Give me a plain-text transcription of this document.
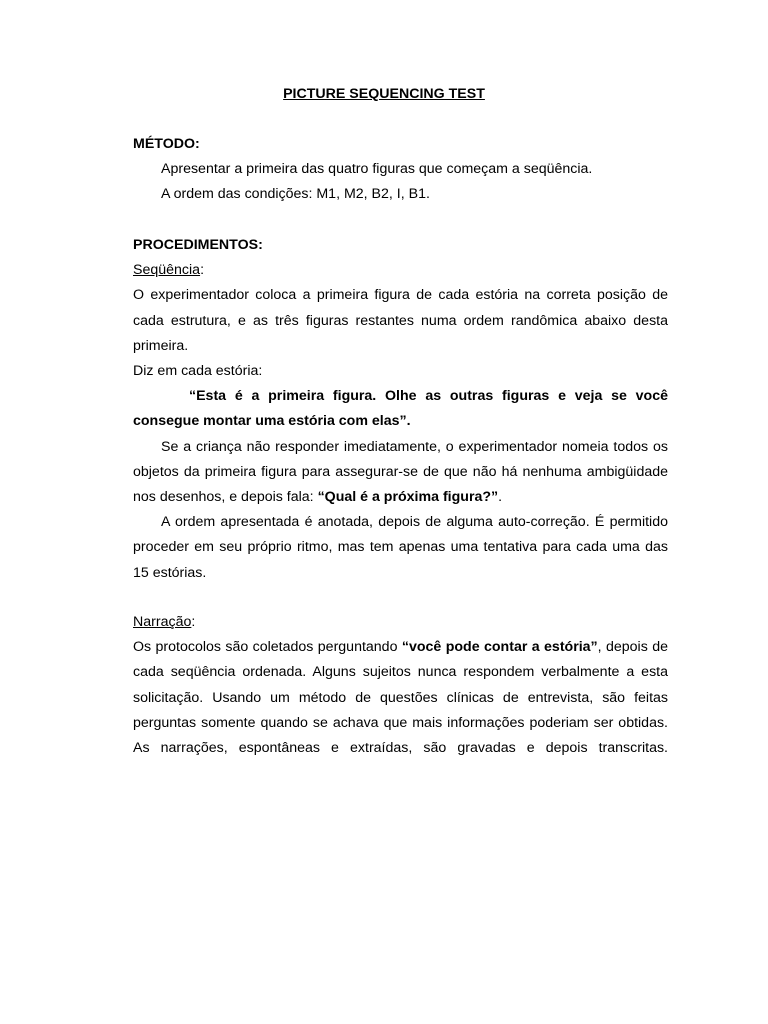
PICTURE SEQUENCING TEST

MÉTODO:

Apresentar a primeira das quatro figuras que começam a seqüência.

A ordem das condições: M1, M2, B2, I, B1.

PROCEDIMENTOS:

Seqüência:

O experimentador coloca a primeira figura de cada estória na correta posição de cada estrutura, e as três figuras restantes numa ordem randômica abaixo desta primeira.

Diz em cada estória:

“Esta é a primeira figura. Olhe as outras figuras e veja se você

consegue montar uma estória com elas”.

Se a criança não responder imediatamente, o experimentador nomeia todos os objetos da primeira figura para assegurar-se de que não há nenhuma ambigüidade nos desenhos, e depois fala: “Qual é a próxima figura?”.

A ordem apresentada é anotada, depois de alguma auto-correção. É permitido proceder em seu próprio ritmo, mas tem apenas uma tentativa para cada uma das 15 estórias.

Narração:

Os protocolos são coletados perguntando “você pode contar a estória”, depois de cada seqüência ordenada. Alguns sujeitos nunca respondem verbalmente a esta solicitação. Usando um método de questões clínicas de entrevista, são feitas perguntas somente quando se achava que mais informações poderiam ser obtidas. As narrações, espontâneas e extraídas, são gravadas e depois transcritas.
